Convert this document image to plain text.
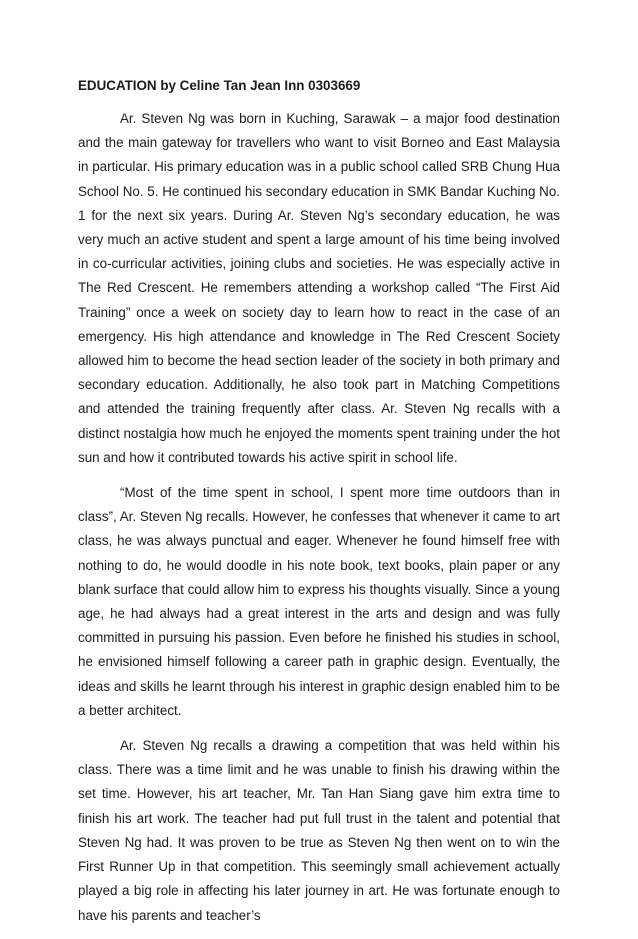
EDUCATION by Celine Tan Jean Inn 0303669

Ar. Steven Ng was born in Kuching, Sarawak – a major food destination and the main gateway for travellers who want to visit Borneo and East Malaysia in particular. His primary education was in a public school called SRB Chung Hua School No. 5. He continued his secondary education in SMK Bandar Kuching No. 1 for the next six years. During Ar. Steven Ng’s secondary education, he was very much an active student and spent a large amount of his time being involved in co-curricular activities, joining clubs and societies. He was especially active in The Red Crescent. He remembers attending a workshop called “The First Aid Training” once a week on society day to learn how to react in the case of an emergency. His high attendance and knowledge in The Red Crescent Society allowed him to become the head section leader of the society in both primary and secondary education. Additionally, he also took part in Matching Competitions and attended the training frequently after class. Ar. Steven Ng recalls with a distinct nostalgia how much he enjoyed the moments spent training under the hot sun and how it contributed towards his active spirit in school life.

“Most of the time spent in school, I spent more time outdoors than in class”, Ar. Steven Ng recalls. However, he confesses that whenever it came to art class, he was always punctual and eager. Whenever he found himself free with nothing to do, he would doodle in his note book, text books, plain paper or any blank surface that could allow him to express his thoughts visually. Since a young age, he had always had a great interest in the arts and design and was fully committed in pursuing his passion. Even before he finished his studies in school, he envisioned himself following a career path in graphic design. Eventually, the ideas and skills he learnt through his interest in graphic design enabled him to be a better architect.

Ar. Steven Ng recalls a drawing a competition that was held within his class. There was a time limit and he was unable to finish his drawing within the set time. However, his art teacher, Mr. Tan Han Siang gave him extra time to finish his art work. The teacher had put full trust in the talent and potential that Steven Ng had. It was proven to be true as Steven Ng then went on to win the First Runner Up in that competition. This seemingly small achievement actually played a big role in affecting his later journey in art. He was fortunate enough to have his parents and teacher’s
